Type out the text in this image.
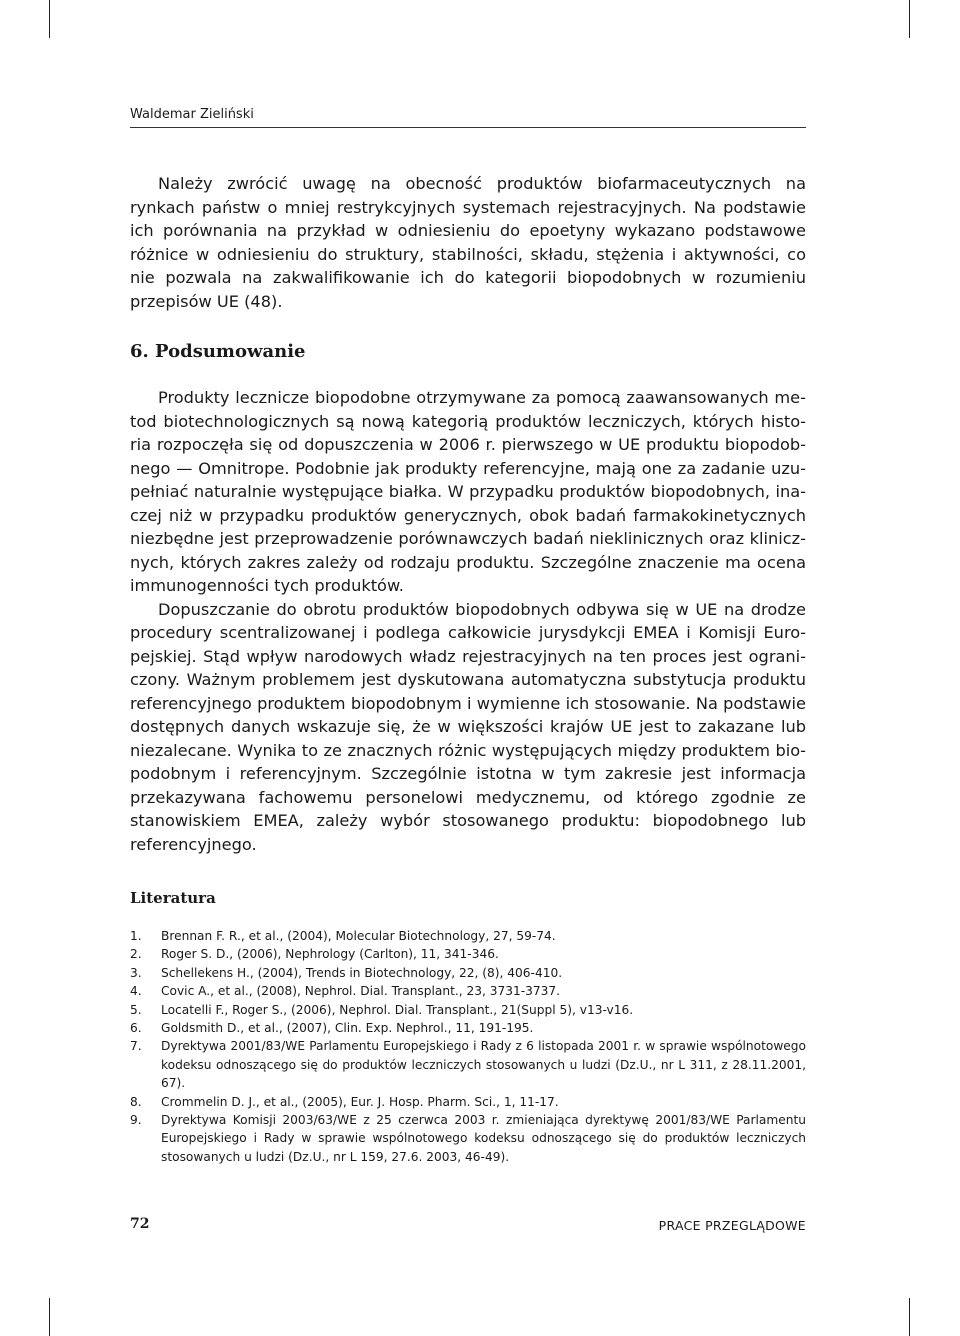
Waldemar Zieliński

Należy zwrócić uwagę na obecność produktów biofarmaceutycznych na rynkach państw o mniej restrykcyjnych systemach rejestracyjnych. Na podstawie ich porównania na przykład w odniesieniu do epoetyny wykazano podstawowe różnice w odniesieniu do struktury, stabilności, składu, stężenia i aktywności, co nie pozwala na zakwalifikowanie ich do kategorii biopodobnych w rozumieniu przepisów UE (48).

6. Podsumowanie

Produkty lecznicze biopodobne otrzymywane za pomocą zaawansowanych metod biotechnologicznych są nową kategorią produktów leczniczych, których historia rozpoczęła się od dopuszczenia w 2006 r. pierwszego w UE produktu biopodobnego — Omnitrope. Podobnie jak produkty referencyjne, mają one za zadanie uzupełniać naturalnie występujące białka. W przypadku produktów biopodobnych, inaczej niż w przypadku produktów generycznych, obok badań farmakokinetycznych niezbędne jest przeprowadzenie porównawczych badań nieklinicznych oraz klinicznych, których zakres zależy od rodzaju produktu. Szczególne znaczenie ma ocena immunogenności tych produktów.

Dopuszczanie do obrotu produktów biopodobnych odbywa się w UE na drodze procedury scentralizowanej i podlega całkowicie jurysdykcji EMEA i Komisji Europejskiej. Stąd wpływ narodowych władz rejestracyjnych na ten proces jest ograniczony. Ważnym problemem jest dyskutowana automatyczna substytucja produktu referencyjnego produktem biopodobnym i wymienne ich stosowanie. Na podstawie dostępnych danych wskazuje się, że w większości krajów UE jest to zakazane lub niezalecane. Wynika to ze znacznych różnic występujących między produktem biopodobnym i referencyjnym. Szczególnie istotna w tym zakresie jest informacja przekazywana fachowemu personelowi medycznemu, od którego zgodnie ze stanowiskiem EMEA, zależy wybór stosowanego produktu: biopodobnego lub referencyjnego.

Literatura
1.	Brennan F. R., et al., (2004), Molecular Biotechnology, 27, 59-74.
2.	Roger S. D., (2006), Nephrology (Carlton), 11, 341-346.
3.	Schellekens H., (2004), Trends in Biotechnology, 22, (8), 406-410.
4.	Covic A., et al., (2008), Nephrol. Dial. Transplant., 23, 3731-3737.
5.	Locatelli F., Roger S., (2006), Nephrol. Dial. Transplant., 21(Suppl 5), v13-v16.
6.	Goldsmith D., et al., (2007), Clin. Exp. Nephrol., 11, 191-195.
7.	Dyrektywa 2001/83/WE Parlamentu Europejskiego i Rady z 6 listopada 2001 r. w sprawie wspólnotowego kodeksu odnoszącego się do produktów leczniczych stosowanych u ludzi (Dz.U., nr L 311, z 28.11.2001, 67).
8.	Crommelin D. J., et al., (2005), Eur. J. Hosp. Pharm. Sci., 1, 11-17.
9.	Dyrektywa Komisji 2003/63/WE z 25 czerwca 2003 r. zmieniająca dyrektywę 2001/83/WE Parlamentu Europejskiego i Rady w sprawie wspólnotowego kodeksu odnoszącego się do produktów leczniczych stosowanych u ludzi (Dz.U., nr L 159, 27.6. 2003, 46-49).
72	PRACE PRZEGLĄDOWE
